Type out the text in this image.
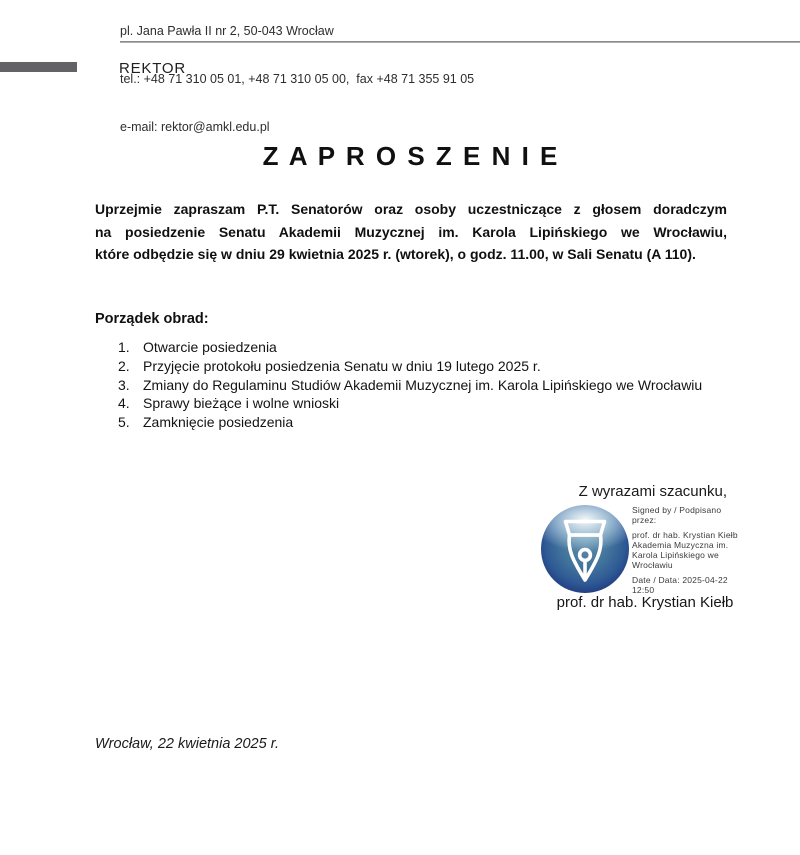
pl. Jana Pawła II nr 2, 50-043 Wrocław

tel.: +48 71 310 05 01, +48 71 310 05 00,  fax +48 71 355 91 05

e-mail: rektor@amkl.edu.pl

REKTOR
Z A P R O S Z E N I E
Uprzejmie zapraszam P.T. Senatorów oraz osoby uczestniczące z głosem doradczym
na posiedzenie Senatu Akademii Muzycznej im. Karola Lipińskiego we Wrocławiu,
które odbędzie się w dniu 29 kwietnia 2025 r. (wtorek), o godz. 11.00, w Sali Senatu (A 110).
Porządek obrad:
1. Otwarcie posiedzenia
2. Przyjęcie protokołu posiedzenia Senatu w dniu 19 lutego 2025 r.
3. Zmiany do Regulaminu Studiów Akademii Muzycznej im. Karola Lipińskiego we Wrocławiu
4. Sprawy bieżące i wolne wnioski
5. Zamknięcie posiedzenia
Z wyrazami szacunku,
Signed by / Podpisano
przez:
prof. dr hab. Krystian Kiełb
Akademia Muzyczna im.
Karola Lipińskiego we
Wrocławiu
Date / Data: 2025-04-22
12:50
prof. dr hab. Krystian Kiełb
Wrocław, 22 kwietnia 2025 r.
